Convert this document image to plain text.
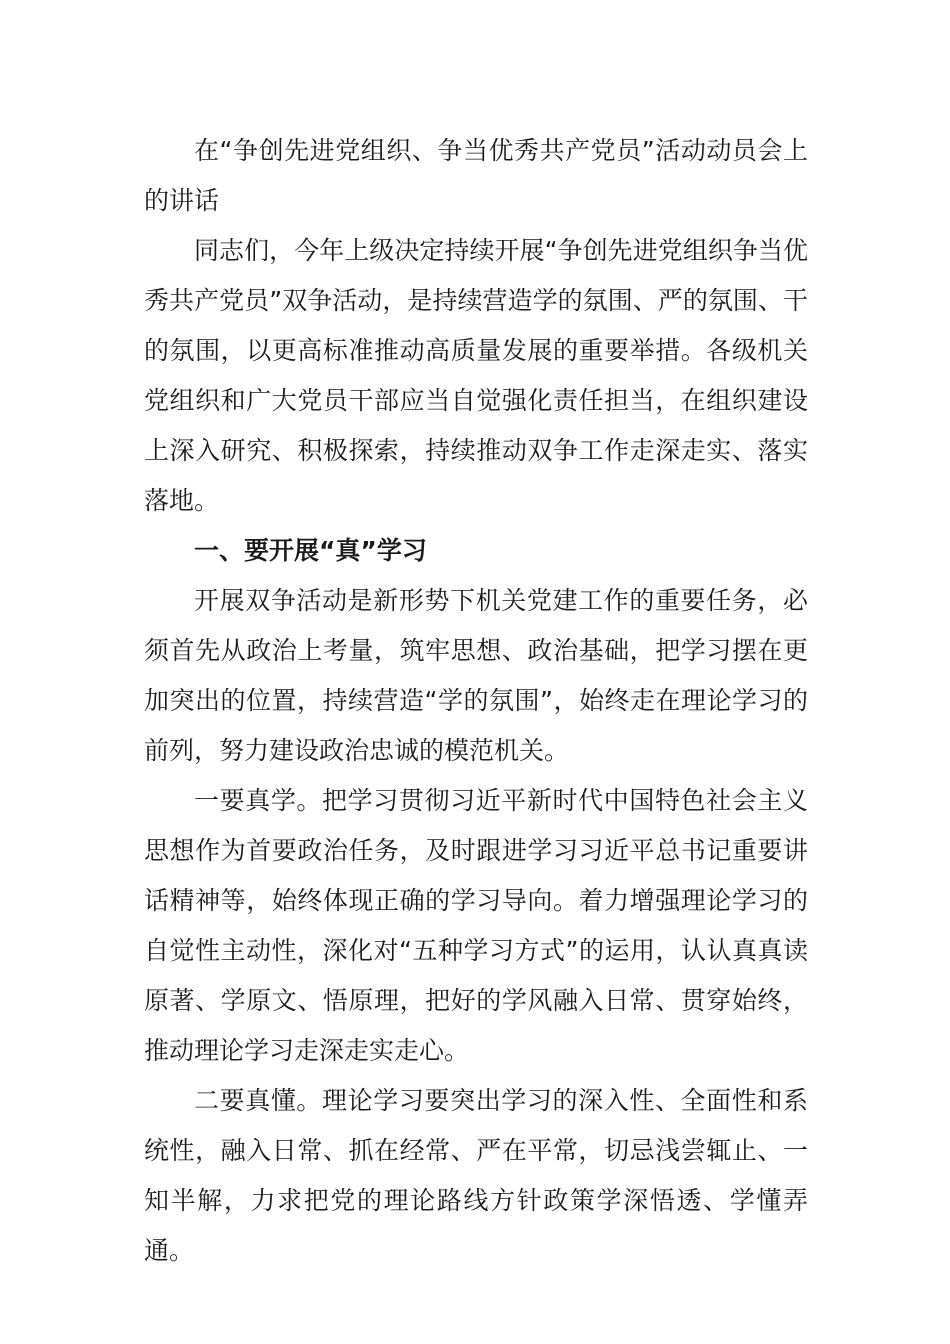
在“争创先进党组织、争当优秀共产党员”活动动员会上的讲话

同志们，今年上级决定持续开展“争创先进党组织争当优秀共产党员”双争活动，是持续营造学的氛围、严的氛围、干的氛围，以更高标准推动高质量发展的重要举措。各级机关党组织和广大党员干部应当自觉强化责任担当，在组织建设上深入研究、积极探索，持续推动双争工作走深走实、落实落地。

一、要开展“真”学习

开展双争活动是新形势下机关党建工作的重要任务，必须首先从政治上考量，筑牢思想、政治基础，把学习摆在更加突出的位置，持续营造“学的氛围”，始终走在理论学习的前列，努力建设政治忠诚的模范机关。

一要真学。把学习贯彻习近平新时代中国特色社会主义思想作为首要政治任务，及时跟进学习习近平总书记重要讲话精神等，始终体现正确的学习导向。着力增强理论学习的自觉性主动性，深化对“五种学习方式”的运用，认认真真读原著、学原文、悟原理，把好的学风融入日常、贯穿始终，推动理论学习走深走实走心。

二要真懂。理论学习要突出学习的深入性、全面性和系统性，融入日常、抓在经常、严在平常，切忌浅尝辄止、一知半解，力求把党的理论路线方针政策学深悟透、学懂弄通。
